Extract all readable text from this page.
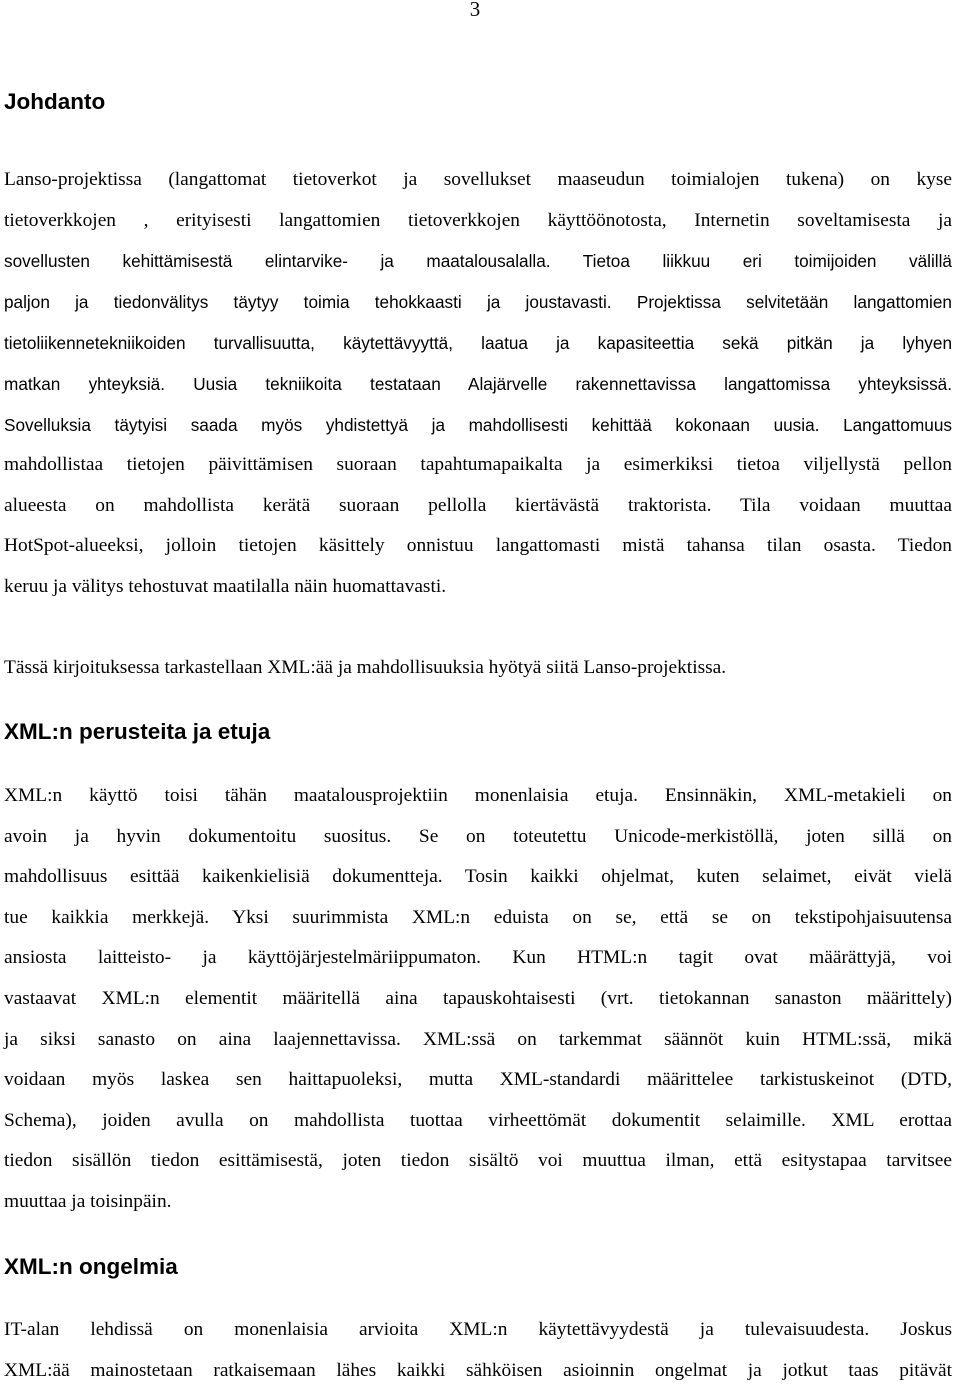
3
Johdanto

Lanso-projektissa (langattomat tietoverkot ja sovellukset maaseudun toimialojen tukena) on kyse
tietoverkkojen , erityisesti langattomien tietoverkkojen käyttöönotosta, Internetin soveltamisesta ja
sovellusten kehittämisestä elintarvike- ja maatalousalalla. Tietoa liikkuu eri toimijoiden välillä
paljon ja tiedonvälitys täytyy toimia tehokkaasti ja joustavasti. Projektissa selvitetään langattomien
tietoliikennetekniikoiden turvallisuutta, käytettävyyttä, laatua ja kapasiteettia sekä pitkän ja lyhyen
matkan yhteyksiä. Uusia tekniikoita testataan Alajärvelle rakennettavissa langattomissa yhteyksissä.
Sovelluksia täytyisi saada myös yhdistettyä ja mahdollisesti kehittää kokonaan uusia. Langattomuus
mahdollistaa tietojen päivittämisen suoraan tapahtumapaikalta ja esimerkiksi tietoa viljellystä pellon
alueesta on mahdollista kerätä suoraan pellolla kiertävästä traktorista. Tila voidaan muuttaa
HotSpot-alueeksi, jolloin tietojen käsittely onnistuu langattomasti mistä tahansa tilan osasta. Tiedon
keruu ja välitys tehostuvat maatilalla näin huomattavasti.

Tässä kirjoituksessa tarkastellaan XML:ää ja mahdollisuuksia hyötyä siitä Lanso-projektissa.

XML:n perusteita ja etuja

XML:n käyttö toisi tähän maatalousprojektiin monenlaisia etuja. Ensinnäkin, XML-metakieli on
avoin ja hyvin dokumentoitu suositus. Se on toteutettu Unicode-merkistöllä, joten sillä on
mahdollisuus esittää kaikenkielisiä dokumentteja. Tosin kaikki ohjelmat, kuten selaimet, eivät vielä
tue kaikkia merkkejä. Yksi suurimmista XML:n eduista on se, että se on tekstipohjaisuutensa
ansiosta laitteisto- ja käyttöjärjestelmäriippumaton. Kun HTML:n tagit ovat määrättyjä, voi
vastaavat XML:n elementit määritellä aina tapauskohtaisesti (vrt. tietokannan sanaston määrittely)
ja siksi sanasto on aina laajennettavissa. XML:ssä on tarkemmat säännöt kuin HTML:ssä, mikä
voidaan myös laskea sen haittapuoleksi, mutta XML-standardi määrittelee tarkistuskeinot (DTD,
Schema), joiden avulla on mahdollista tuottaa virheettömät dokumentit selaimille. XML erottaa
tiedon sisällön tiedon esittämisestä, joten tiedon sisältö voi muuttua ilman, että esitystapaa tarvitsee
muuttaa ja toisinpäin.

XML:n ongelmia

IT-alan lehdissä on monenlaisia arvioita XML:n käytettävyydestä ja tulevaisuudesta. Joskus
XML:ää mainostetaan ratkaisemaan lähes kaikki sähköisen asioinnin ongelmat ja jotkut taas pitävät
